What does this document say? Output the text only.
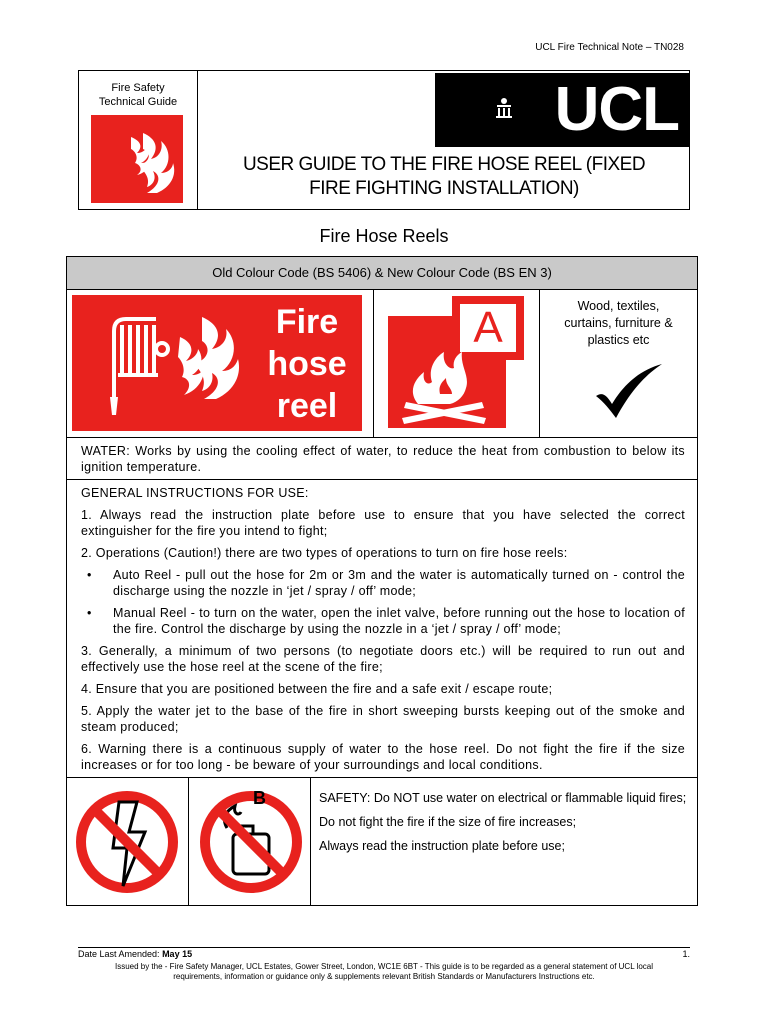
UCL Fire Technical Note – TN028
Fire Safety
Technical Guide	UCL
USER GUIDE TO THE FIRE HOSE REEL (FIXED
FIRE FIGHTING INSTALLATION)
Fire Hose Reels
Old Colour Code (BS 5406) & New Colour Code (BS EN 3)
Fire
hose
reel
A	Wood, textiles,
curtains, furniture &
plastics etc
WATER: Works by using the cooling effect of water, to reduce the heat from combustion to below its ignition temperature.
GENERAL INSTRUCTIONS FOR USE:
1. Always read the instruction plate before use to ensure that you have selected the correct extinguisher for the fire you intend to fight;
2. Operations (Caution!) there are two types of operations to turn on fire hose reels:
•	Auto Reel - pull out the hose for 2m or 3m and the water is automatically turned on - control the discharge using the nozzle in ‘jet / spray / off’ mode;
•	Manual Reel - to turn on the water, open the inlet valve, before running out the hose to location of the fire. Control the discharge by using the nozzle in a ‘jet / spray / off’ mode;
3. Generally, a minimum of two persons (to negotiate doors etc.) will be required to run out and effectively use the hose reel at the scene of the fire;
4. Ensure that you are positioned between the fire and a safe exit / escape route;
5. Apply the water jet to the base of the fire in short sweeping bursts keeping out of the smoke and steam produced;
6. Warning there is a continuous supply of water to the hose reel. Do not fight the fire if the size increases or for too long - be beware of your surroundings and local conditions.
B	SAFETY: Do NOT use water on electrical or flammable liquid fires;
Do not fight the fire if the size of fire increases;
Always read the instruction plate before use;
Date Last Amended: May 15	1.
Issued by the - Fire Safety Manager, UCL Estates, Gower Street, London, WC1E 6BT - This guide is to be regarded as a general statement of UCL local
requirements, information or guidance only & supplements relevant British Standards or Manufacturers Instructions etc.
